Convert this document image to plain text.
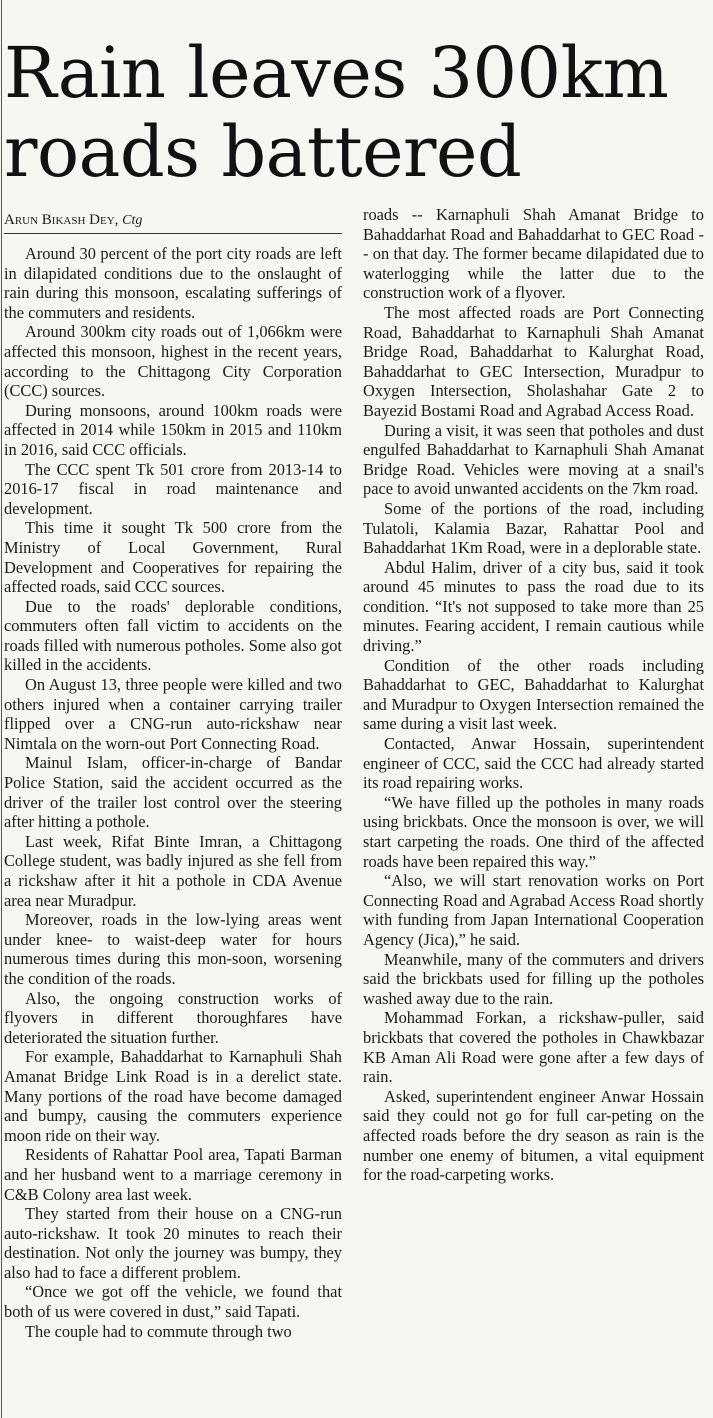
Rain leaves 300km roads battered
Arun Bikash Dey, Ctg

Around 30 percent of the port city roads are left in dilapidated conditions due to the onslaught of rain during this monsoon, escalating sufferings of the commuters and residents.

Around 300km city roads out of 1,066km were affected this monsoon, highest in the recent years, according to the Chittagong City Corporation (CCC) sources.

During monsoons, around 100km roads were affected in 2014 while 150km in 2015 and 110km in 2016, said CCC officials.

The CCC spent Tk 501 crore from 2013-14 to 2016-17 fiscal in road maintenance and development.

This time it sought Tk 500 crore from the Ministry of Local Government, Rural Development and Cooperatives for repairing the affected roads, said CCC sources.

Due to the roads' deplorable conditions, commuters often fall victim to accidents on the roads filled with numerous potholes. Some also got killed in the accidents.

On August 13, three people were killed and two others injured when a container carrying trailer flipped over a CNG-run auto-rickshaw near Nimtala on the worn-out Port Connecting Road.

Mainul Islam, officer-in-charge of Bandar Police Station, said the accident occurred as the driver of the trailer lost control over the steering after hitting a pothole.

Last week, Rifat Binte Imran, a Chittagong College student, was badly injured as she fell from a rickshaw after it hit a pothole in CDA Avenue area near Muradpur.

Moreover, roads in the low-lying areas went under knee- to waist-deep water for hours numerous times during this mon-soon, worsening the condition of the roads.

Also, the ongoing construction works of flyovers in different thoroughfares have deteriorated the situation further.

For example, Bahaddarhat to Karnaphuli Shah Amanat Bridge Link Road is in a derelict state. Many portions of the road have become damaged and bumpy, causing the commuters experience moon ride on their way.

Residents of Rahattar Pool area, Tapati Barman and her husband went to a marriage ceremony in C&B Colony area last week.

They started from their house on a CNG-run auto-rickshaw. It took 20 minutes to reach their destination. Not only the journey was bumpy, they also had to face a different problem.

“Once we got off the vehicle, we found that both of us were covered in dust,” said Tapati.

The couple had to commute through two

roads -- Karnaphuli Shah Amanat Bridge to Bahaddarhat Road and Bahaddarhat to GEC Road -- on that day. The former became dilapidated due to waterlogging while the latter due to the construction work of a flyover.

The most affected roads are Port Connecting Road, Bahaddarhat to Karnaphuli Shah Amanat Bridge Road, Bahaddarhat to Kalurghat Road, Bahaddarhat to GEC Intersection, Muradpur to Oxygen Intersection, Sholashahar Gate 2 to Bayezid Bostami Road and Agrabad Access Road.

During a visit, it was seen that potholes and dust engulfed Bahaddarhat to Karnaphuli Shah Amanat Bridge Road. Vehicles were moving at a snail's pace to avoid unwanted accidents on the 7km road.

Some of the portions of the road, including Tulatoli, Kalamia Bazar, Rahattar Pool and Bahaddarhat 1Km Road, were in a deplorable state.

Abdul Halim, driver of a city bus, said it took around 45 minutes to pass the road due to its condition. “It's not supposed to take more than 25 minutes. Fearing accident, I remain cautious while driving.”

Condition of the other roads including Bahaddarhat to GEC, Bahaddarhat to Kalurghat and Muradpur to Oxygen Intersection remained the same during a visit last week.

Contacted, Anwar Hossain, superintendent engineer of CCC, said the CCC had already started its road repairing works.

“We have filled up the potholes in many roads using brickbats. Once the monsoon is over, we will start carpeting the roads. One third of the affected roads have been repaired this way.”

“Also, we will start renovation works on Port Connecting Road and Agrabad Access Road shortly with funding from Japan International Cooperation Agency (Jica),” he said.

Meanwhile, many of the commuters and drivers said the brickbats used for filling up the potholes washed away due to the rain.

Mohammad Forkan, a rickshaw-puller, said brickbats that covered the potholes in Chawkbazar KB Aman Ali Road were gone after a few days of rain.

Asked, superintendent engineer Anwar Hossain said they could not go for full car-peting on the affected roads before the dry season as rain is the number one enemy of bitumen, a vital equipment for the road-carpeting works.
